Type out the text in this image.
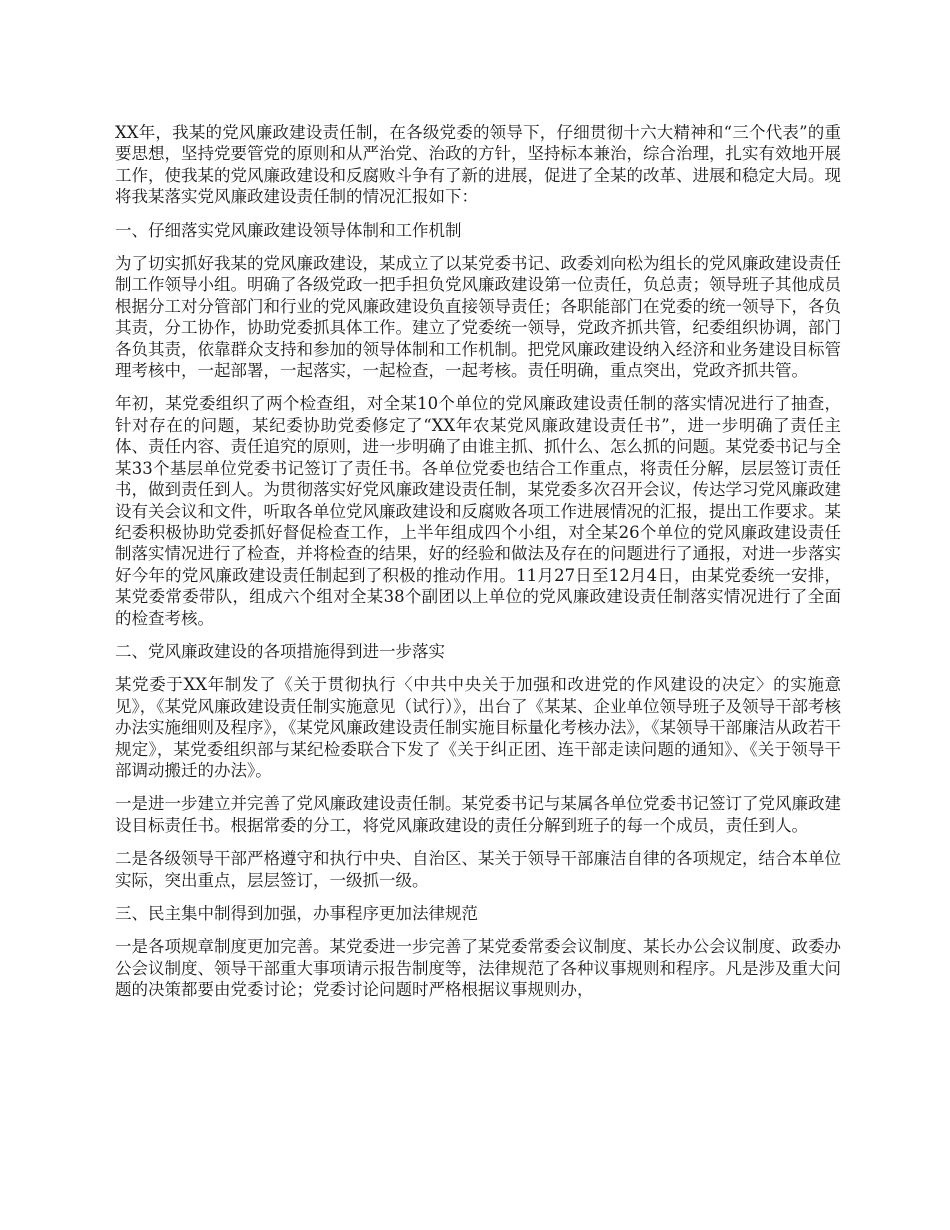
XX年，我某的党风廉政建设责任制，在各级党委的领导下，仔细贯彻十六大精神和“三个代表”的重要思想，坚持党要管党的原则和从严治党、治政的方针，坚持标本兼治，综合治理，扎实有效地开展工作，使我某的党风廉政建设和反腐败斗争有了新的进展，促进了全某的改革、进展和稳定大局。现将我某落实党风廉政建设责任制的情况汇报如下：

一、仔细落实党风廉政建设领导体制和工作机制

为了切实抓好我某的党风廉政建设，某成立了以某党委书记、政委刘向松为组长的党风廉政建设责任制工作领导小组。明确了各级党政一把手担负党风廉政建设第一位责任，负总责；领导班子其他成员根据分工对分管部门和行业的党风廉政建设负直接领导责任；各职能部门在党委的统一领导下，各负其责，分工协作，协助党委抓具体工作。建立了党委统一领导，党政齐抓共管，纪委组织协调，部门各负其责，依靠群众支持和参加的领导体制和工作机制。把党风廉政建设纳入经济和业务建设目标管理考核中，一起部署，一起落实，一起检查，一起考核。责任明确，重点突出，党政齐抓共管。

年初，某党委组织了两个检查组，对全某10个单位的党风廉政建设责任制的落实情况进行了抽查，针对存在的问题，某纪委协助党委修定了“XX年农某党风廉政建设责任书”，进一步明确了责任主体、责任内容、责任追究的原则，进一步明确了由谁主抓、抓什么、怎么抓的问题。某党委书记与全某33个基层单位党委书记签订了责任书。各单位党委也结合工作重点，将责任分解，层层签订责任书，做到责任到人。为贯彻落实好党风廉政建设责任制，某党委多次召开会议，传达学习党风廉政建设有关会议和文件，听取各单位党风廉政建设和反腐败各项工作进展情况的汇报，提出工作要求。某纪委积极协助党委抓好督促检查工作，上半年组成四个小组，对全某26个单位的党风廉政建设责任制落实情况进行了检查，并将检查的结果，好的经验和做法及存在的问题进行了通报，对进一步落实好今年的党风廉政建设责任制起到了积极的推动作用。11月27日至12月4日，由某党委统一安排，某党委常委带队，组成六个组对全某38个副团以上单位的党风廉政建设责任制落实情况进行了全面的检查考核。

二、党风廉政建设的各项措施得到进一步落实

某党委于XX年制发了《关于贯彻执行〈中共中央关于加强和改进党的作风建设的决定〉的实施意见》，《某党风廉政建设责任制实施意见（试行）》，出台了《某某、企业单位领导班子及领导干部考核办法实施细则及程序》，《某党风廉政建设责任制实施目标量化考核办法》，《某领导干部廉洁从政若干规定》，某党委组织部与某纪检委联合下发了《关于纠正团、连干部走读问题的通知》、《关于领导干部调动搬迁的办法》。

一是进一步建立并完善了党风廉政建设责任制。某党委书记与某属各单位党委书记签订了党风廉政建设目标责任书。根据常委的分工，将党风廉政建设的责任分解到班子的每一个成员，责任到人。

二是各级领导干部严格遵守和执行中央、自治区、某关于领导干部廉洁自律的各项规定，结合本单位实际，突出重点，层层签订，一级抓一级。

三、民主集中制得到加强，办事程序更加法律规范

一是各项规章制度更加完善。某党委进一步完善了某党委常委会议制度、某长办公会议制度、政委办公会议制度、领导干部重大事项请示报告制度等，法律规范了各种议事规则和程序。凡是涉及重大问题的决策都要由党委讨论；党委讨论问题时严格根据议事规则办，
